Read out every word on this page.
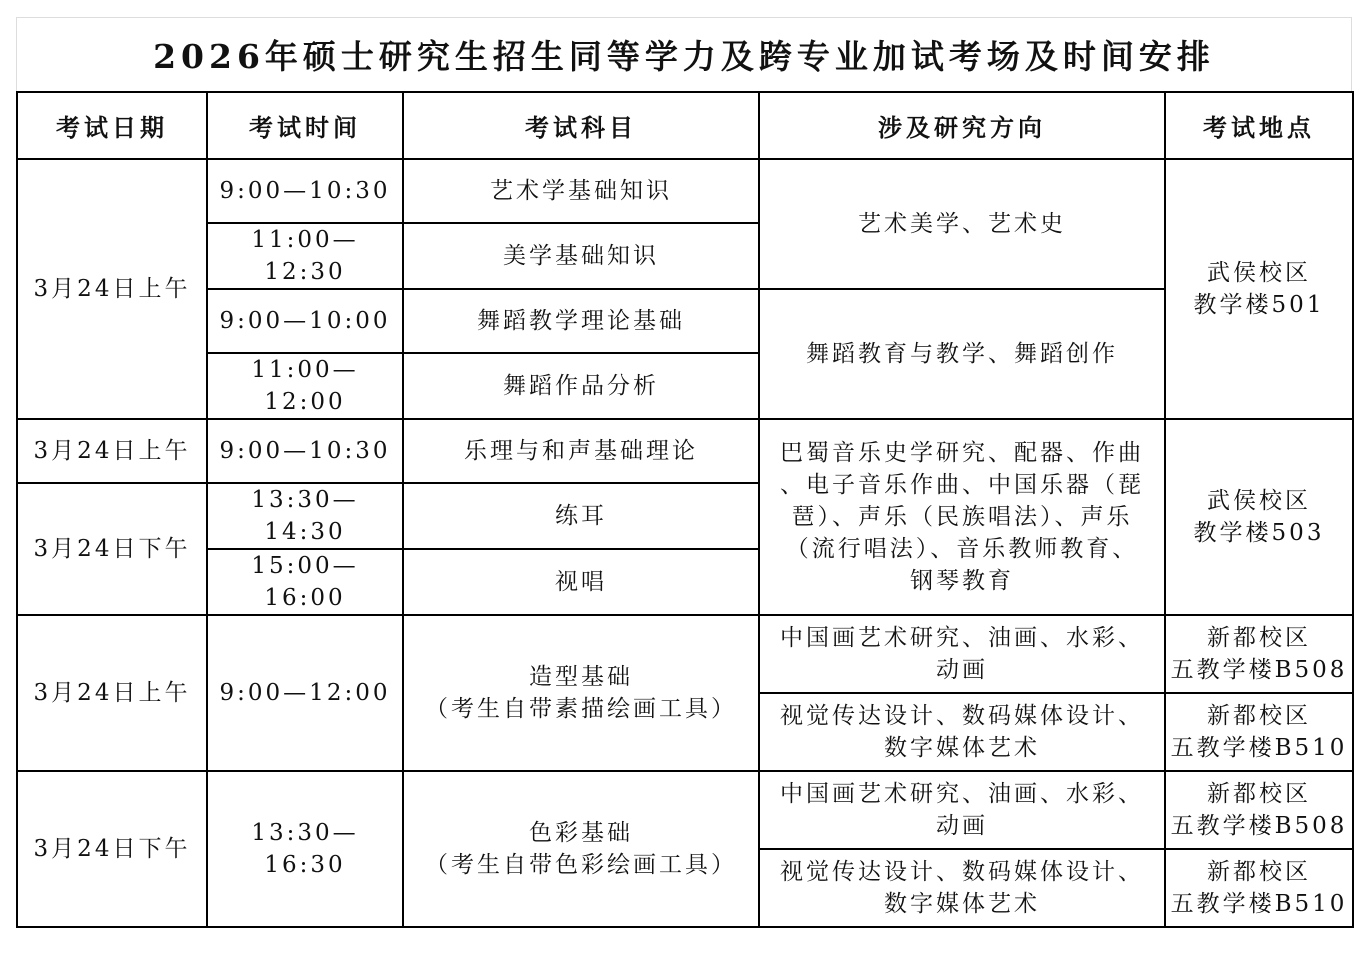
2026年硕士研究生招生同等学力及跨专业加试考场及时间安排
考试日期	考试时间	考试科目	涉及研究方向	考试地点
3月24日上午	9:00—10:30	艺术学基础知识	艺术美学、艺术史	武侯校区
教学楼501
	11:00—12:30	美学基础知识		
	9:00—10:00	舞蹈教学理论基础	舞蹈教育与教学、舞蹈创作	
	11:00—12:00	舞蹈作品分析		
3月24日上午	9:00—10:30	乐理与和声基础理论	巴蜀音乐史学研究、配器、作曲
、电子音乐作曲、中国乐器（琵
琶）、声乐（民族唱法）、声乐
（流行唱法）、音乐教师教育、
钢琴教育	武侯校区
教学楼503
3月24日下午	13:30—14:30	练耳		
	15:00—16:00	视唱		
3月24日上午	9:00—12:00	造型基础
（考生自带素描绘画工具）	中国画艺术研究、油画、水彩、
动画	新都校区
五教学楼B508
			视觉传达设计、数码媒体设计、
数字媒体艺术	新都校区
五教学楼B510
3月24日下午	13:30—16:30	色彩基础
（考生自带色彩绘画工具）	中国画艺术研究、油画、水彩、
动画	新都校区
五教学楼B508
			视觉传达设计、数码媒体设计、
数字媒体艺术	新都校区
五教学楼B510
